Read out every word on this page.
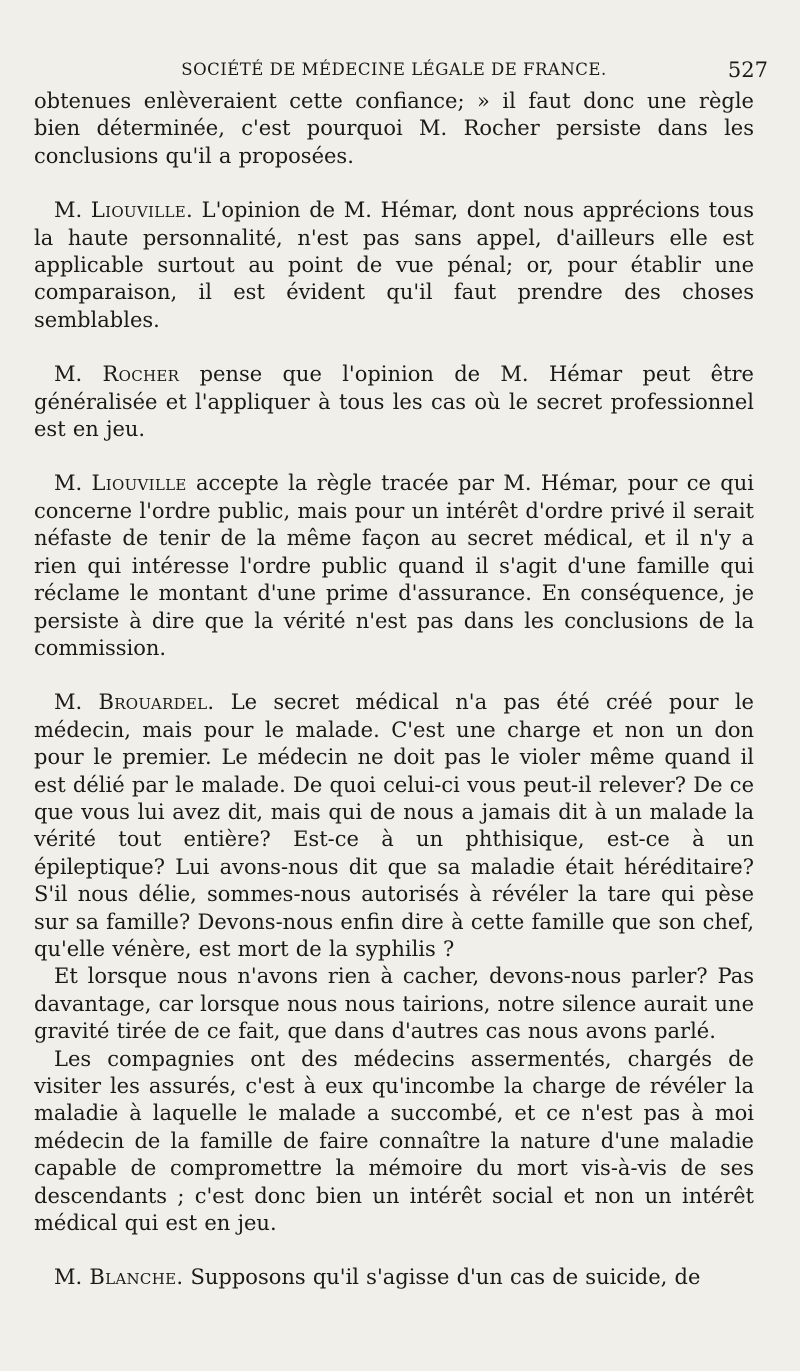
SOCIÉTÉ DE MÉDECINE LÉGALE DE FRANCE.	527

obtenues enlèveraient cette confiance; » il faut donc une règle bien déterminée, c'est pourquoi M. Rocher persiste dans les conclusions qu'il a proposées.

M. Liouville. L'opinion de M. Hémar, dont nous apprécions tous la haute personnalité, n'est pas sans appel, d'ailleurs elle est applicable surtout au point de vue pénal; or, pour établir une comparaison, il est évident qu'il faut prendre des choses semblables.

M. Rocher pense que l'opinion de M. Hémar peut être généralisée et l'appliquer à tous les cas où le secret professionnel est en jeu.

M. Liouville accepte la règle tracée par M. Hémar, pour ce qui concerne l'ordre public, mais pour un intérêt d'ordre privé il serait néfaste de tenir de la même façon au secret médical, et il n'y a rien qui intéresse l'ordre public quand il s'agit d'une famille qui réclame le montant d'une prime d'assurance. En conséquence, je persiste à dire que la vérité n'est pas dans les conclusions de la commission.

M. Brouardel. Le secret médical n'a pas été créé pour le médecin, mais pour le malade. C'est une charge et non un don pour le premier. Le médecin ne doit pas le violer même quand il est délié par le malade. De quoi celui-ci vous peut-il relever? De ce que vous lui avez dit, mais qui de nous a jamais dit à un malade la vérité tout entière? Est-ce à un phthisique, est-ce à un épileptique? Lui avons-nous dit que sa maladie était héréditaire? S'il nous délie, sommes-nous autorisés à révéler la tare qui pèse sur sa famille? Devons-nous enfin dire à cette famille que son chef, qu'elle vénère, est mort de la syphilis ?

Et lorsque nous n'avons rien à cacher, devons-nous parler? Pas davantage, car lorsque nous nous tairions, notre silence aurait une gravité tirée de ce fait, que dans d'autres cas nous avons parlé.

Les compagnies ont des médecins assermentés, chargés de visiter les assurés, c'est à eux qu'incombe la charge de révéler la maladie à laquelle le malade a succombé, et ce n'est pas à moi médecin de la famille de faire connaître la nature d'une maladie capable de compromettre la mémoire du mort vis-à-vis de ses descendants ; c'est donc bien un intérêt social et non un intérêt médical qui est en jeu.

M. Blanche. Supposons qu'il s'agisse d'un cas de suicide, de
